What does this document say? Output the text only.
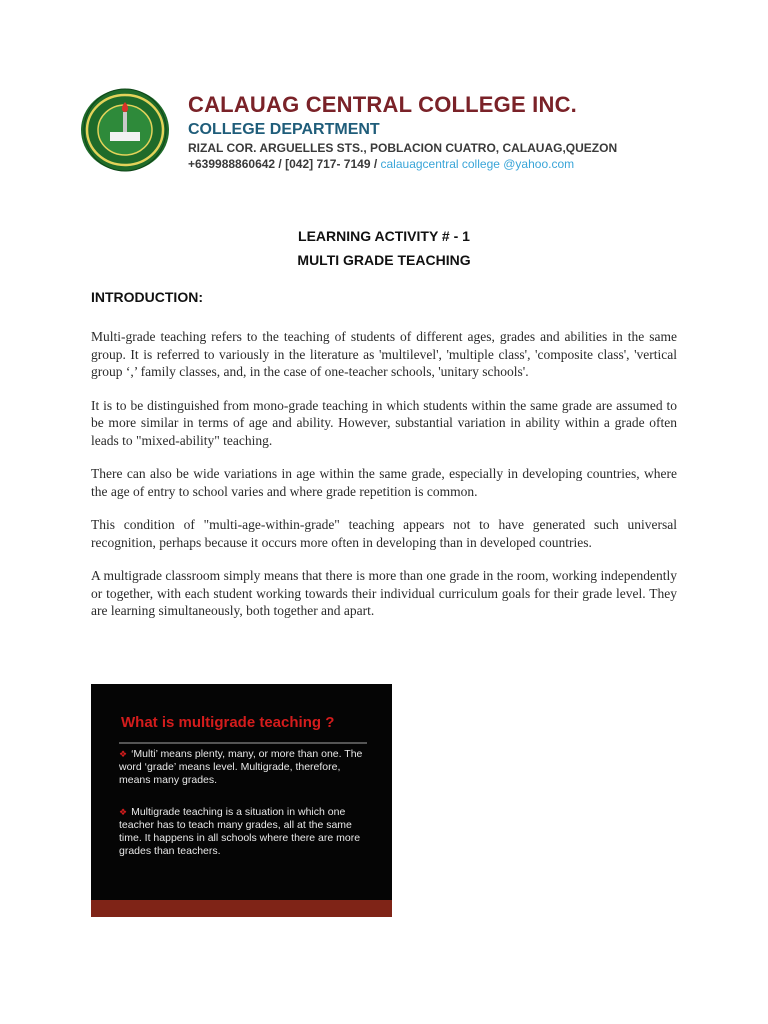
CALAUAG CENTRAL COLLEGE INC.
COLLEGE DEPARTMENT
RIZAL COR. ARGUELLES STS., POBLACION CUATRO, CALAUAG,QUEZON
+639988860642 / [042] 717- 7149 / calauagcentral college @yahoo.com
LEARNING ACTIVITY # - 1
MULTI GRADE TEACHING
INTRODUCTION:

Multi-grade teaching refers to the teaching of students of different ages, grades and abilities in the same group. It is referred to variously in the literature as 'multilevel', 'multiple class', 'composite class', 'vertical group ‘,’ family classes, and, in the case of one-teacher schools, 'unitary schools'.

It is to be distinguished from mono-grade teaching in which students within the same grade are assumed to be more similar in terms of age and ability. However, substantial variation in ability within a grade often leads to "mixed-ability" teaching.

There can also be wide variations in age within the same grade, especially in developing countries, where the age of entry to school varies and where grade repetition is common.

This condition of "multi-age-within-grade" teaching appears not to have generated such universal recognition, perhaps because it occurs more often in developing than in developed countries.

A multigrade classroom simply means that there is more than one grade in the room, working independently or together, with each student working towards their individual curriculum goals for their grade level. They are learning simultaneously, both together and apart.

What is multigrade teaching ?
❖ ‘Multi’ means plenty, many, or more than one. The word ‘grade’ means level. Multigrade, therefore, means many grades.
❖ Multigrade teaching is a situation in which one teacher has to teach many grades, all at the same time. It happens in all schools where there are more grades than teachers.
